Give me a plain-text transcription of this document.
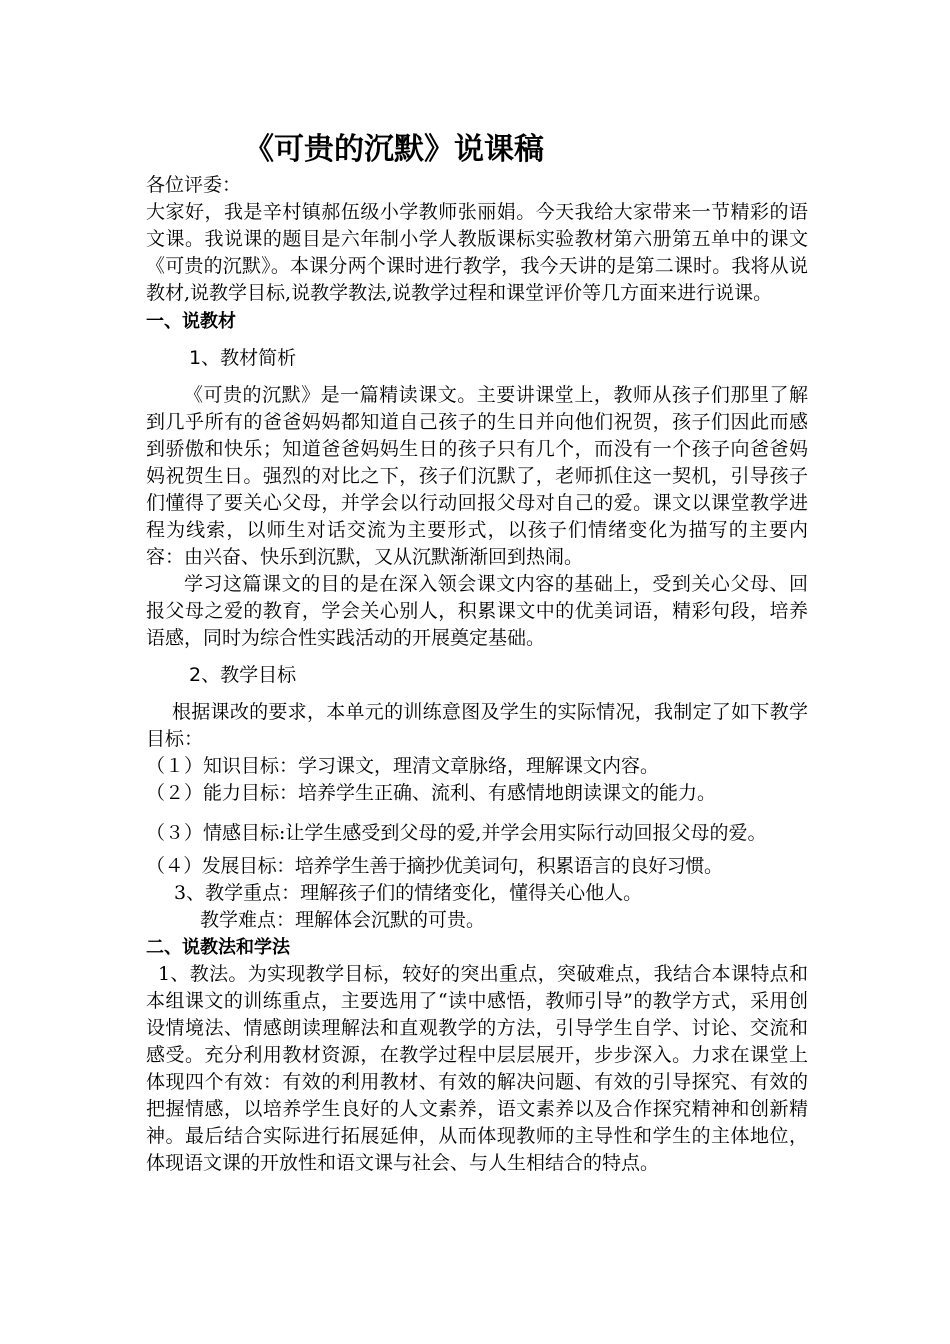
《可贵的沉默》说课稿

各位评委：

大家好，我是辛村镇郝伍级小学教师张丽娟。今天我给大家带来一节精彩的语文课。我说课的题目是六年制小学人教版课标实验教材第六册第五单中的课文《可贵的沉默》。本课分两个课时进行教学，我今天讲的是第二课时。我将从说教材,说教学目标,说教学教法,说教学过程和课堂评价等几方面来进行说课。

一、说教材
1、教材简析

《可贵的沉默》是一篇精读课文。主要讲课堂上，教师从孩子们那里了解到几乎所有的爸爸妈妈都知道自己孩子的生日并向他们祝贺，孩子们因此而感到骄傲和快乐；知道爸爸妈妈生日的孩子只有几个，而没有一个孩子向爸爸妈妈祝贺生日。强烈的对比之下，孩子们沉默了，老师抓住这一契机，引导孩子们懂得了要关心父母，并学会以行动回报父母对自己的爱。课文以课堂教学进程为线索，以师生对话交流为主要形式，以孩子们情绪变化为描写的主要内容：由兴奋、快乐到沉默，又从沉默渐渐回到热闹。

学习这篇课文的目的是在深入领会课文内容的基础上，受到关心父母、回报父母之爱的教育，学会关心别人，积累课文中的优美词语，精彩句段，培养语感，同时为综合性实践活动的开展奠定基础。

2、教学目标

根据课改的要求，本单元的训练意图及学生的实际情况，我制定了如下教学目标：

（１）知识目标：学习课文，理清文章脉络，理解课文内容。

（２）能力目标：培养学生正确、流利、有感情地朗读课文的能力。

（３）情感目标:让学生感受到父母的爱,并学会用实际行动回报父母的爱。

（４）发展目标：培养学生善于摘抄优美词句，积累语言的良好习惯。

3、教学重点：理解孩子们的情绪变化，懂得关心他人。

教学难点：理解体会沉默的可贵。

二、说教法和学法

1、教法。为实现教学目标，较好的突出重点，突破难点，我结合本课特点和本组课文的训练重点，主要选用了“读中感悟，教师引导”的教学方式，采用创设情境法、情感朗读理解法和直观教学的方法，引导学生自学、讨论、交流和感受。充分利用教材资源，在教学过程中层层展开，步步深入。力求在课堂上体现四个有效：有效的利用教材、有效的解决问题、有效的引导探究、有效的把握情感，以培养学生良好的人文素养，语文素养以及合作探究精神和创新精神。最后结合实际进行拓展延伸，从而体现教师的主导性和学生的主体地位，体现语文课的开放性和语文课与社会、与人生相结合的特点。
